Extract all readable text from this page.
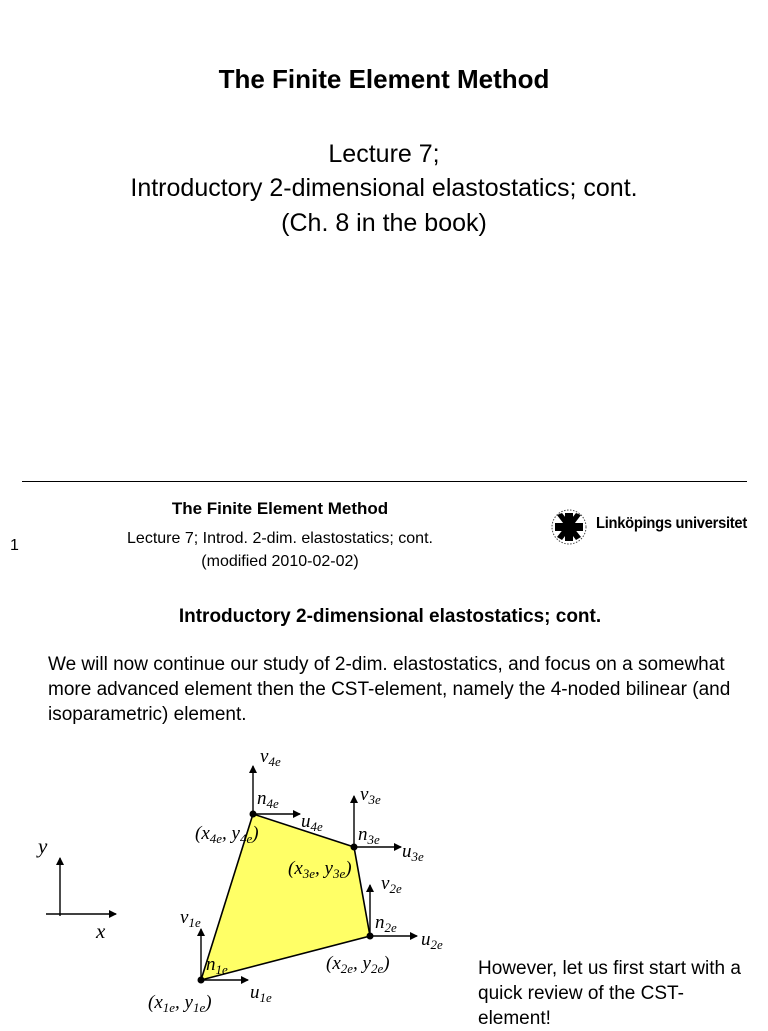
The Finite Element Method
Lecture 7;
Introductory 2-dimensional elastostatics; cont.
(Ch. 8 in the book)
The Finite Element Method
Lecture 7; Introd. 2-dim. elastostatics; cont.
(modified 2010-02-02)
1
Linköpings universitet
Introductory 2-dimensional elastostatics; cont.
We will now continue our study of 2-dim. elastostatics, and focus on a somewhat more advanced element then the CST-element, namely the 4-noded bilinear (and isoparametric) element.
However, let us first start with a quick review of the CST-element!
y
x
$n_{1e}$
$v_{1e}$
$u_{1e}$
($x_{1e}$, $y_{1e}$)
$n_{2e}$
$v_{2e}$
$u_{2e}$
($x_{2e}$, $y_{2e}$)
$n_{3e}$
$v_{3e}$
$u_{3e}$
($x_{3e}$, $y_{3e}$)
$n_{4e}$
$v_{4e}$
$u_{4e}$
($x_{4e}$, $y_{4e}$)
